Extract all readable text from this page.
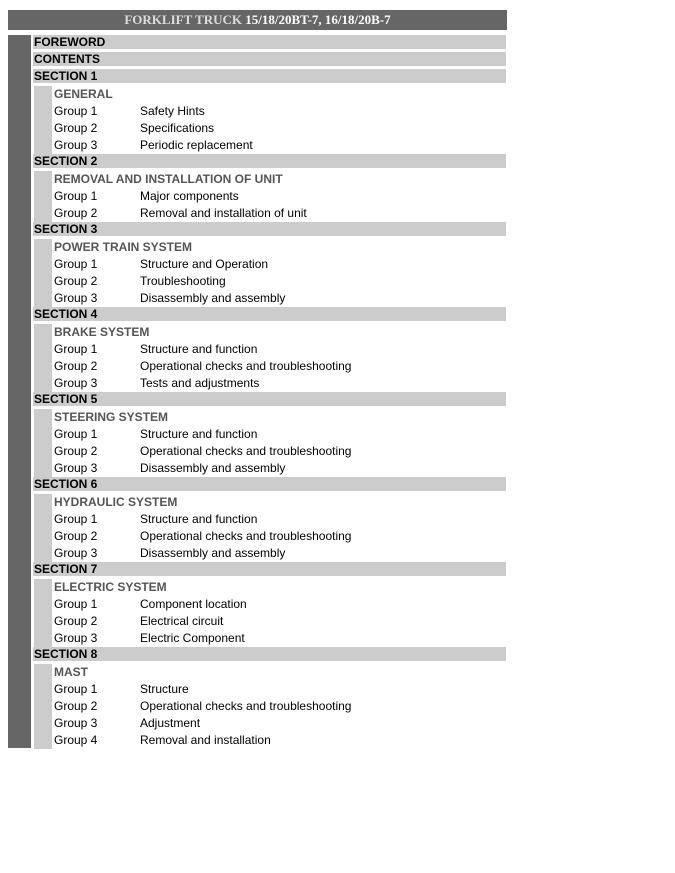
FORKLIFT TRUCK 15/18/20BT-7, 16/18/20B-7
FOREWORD
CONTENTS
SECTION 1
GENERAL
Group 1	Safety Hints
Group 2	Specifications
Group 3	Periodic replacement
SECTION 2
REMOVAL AND INSTALLATION OF UNIT
Group 1	Major components
Group 2	Removal and installation of unit
SECTION 3
POWER TRAIN SYSTEM
Group 1	Structure and Operation
Group 2	Troubleshooting
Group 3	Disassembly and assembly
SECTION 4
BRAKE SYSTEM
Group 1	Structure and function
Group 2	Operational checks and troubleshooting
Group 3	Tests and adjustments
SECTION 5
STEERING SYSTEM
Group 1	Structure and function
Group 2	Operational checks and troubleshooting
Group 3	Disassembly and assembly
SECTION 6
HYDRAULIC SYSTEM
Group 1	Structure and function
Group 2	Operational checks and troubleshooting
Group 3	Disassembly and assembly
SECTION 7
ELECTRIC SYSTEM
Group 1	Component location
Group 2	Electrical circuit
Group 3	Electric Component
SECTION 8
MAST
Group 1	Structure
Group 2	Operational checks and troubleshooting
Group 3	Adjustment
Group 4	Removal and installation
